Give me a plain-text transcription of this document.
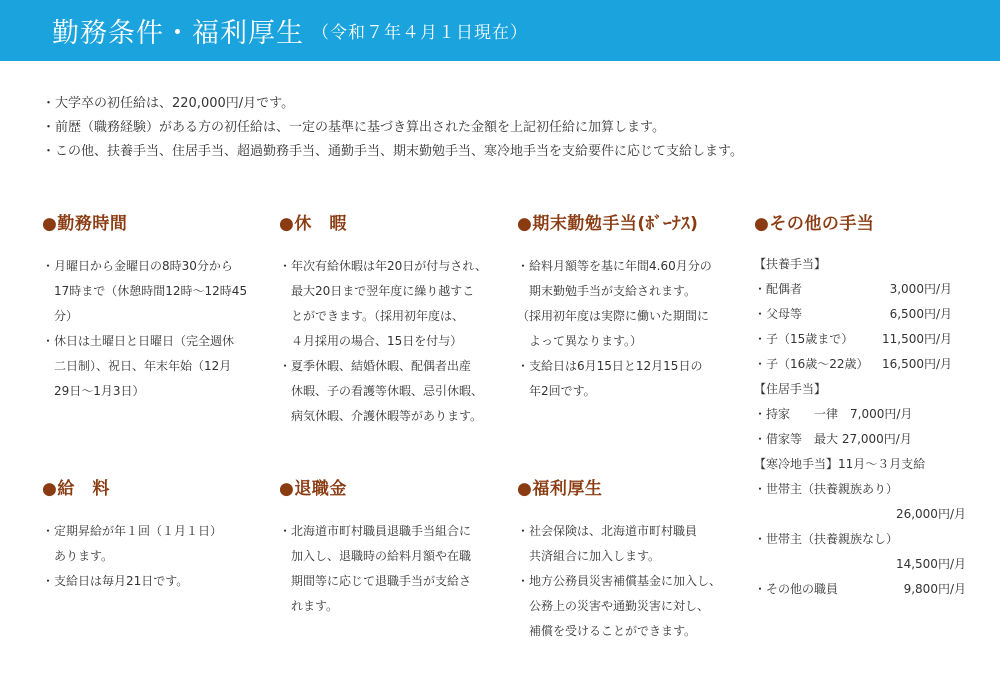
勤務条件・福利厚生 （令和７年４月１日現在）
・大学卒の初任給は、220,000円/月です。
・前歴（職務経験）がある方の初任給は、一定の基準に基づき算出された金額を上記初任給に加算します。
・この他、扶養手当、住居手当、超過勤務手当、通勤手当、期末勤勉手当、寒冷地手当を支給要件に応じて支給します。
●勤務時間
・月曜日から金曜日の8時30分から
17時まで（休憩時間12時～12時45
分）
・休日は土曜日と日曜日（完全週休
二日制）、祝日、年末年始（12月
29日～1月3日）
●休　暇
・年次有給休暇は年20日が付与され、
最大20日まで翌年度に繰り越すこ
とができます。（採用初年度は、
４月採用の場合、15日を付与）
・夏季休暇、結婚休暇、配偶者出産
休暇、子の看護等休暇、忌引休暇、
病気休暇、介護休暇等があります。
●期末勤勉手当(ﾎﾞｰﾅｽ)
・給料月額等を基に年間4.60月分の
期末勤勉手当が支給されます。
（採用初年度は実際に働いた期間に
よって異なります。）
・支給日は6月15日と12月15日の
年2回です。
●その他の手当
【扶養手当】
・配偶者	3,000円/月
・父母等	6,500円/月
・子（15歳まで）	11,500円/月
・子（16歳～22歳）	16,500円/月
【住居手当】
・持家　　一律　7,000円/月
・借家等　最大 27,000円/月
【寒冷地手当】11月～３月支給
・世帯主（扶養親族あり）
26,000円/月
・世帯主（扶養親族なし）
14,500円/月
・その他の職員	9,800円/月
●給　料
・定期昇給が年１回（１月１日）
あります。
・支給日は毎月21日です。
●退職金
・北海道市町村職員退職手当組合に
加入し、退職時の給料月額や在職
期間等に応じて退職手当が支給さ
れます。
●福利厚生
・社会保険は、北海道市町村職員
共済組合に加入します。
・地方公務員災害補償基金に加入し、
公務上の災害や通勤災害に対し、
補償を受けることができます。
